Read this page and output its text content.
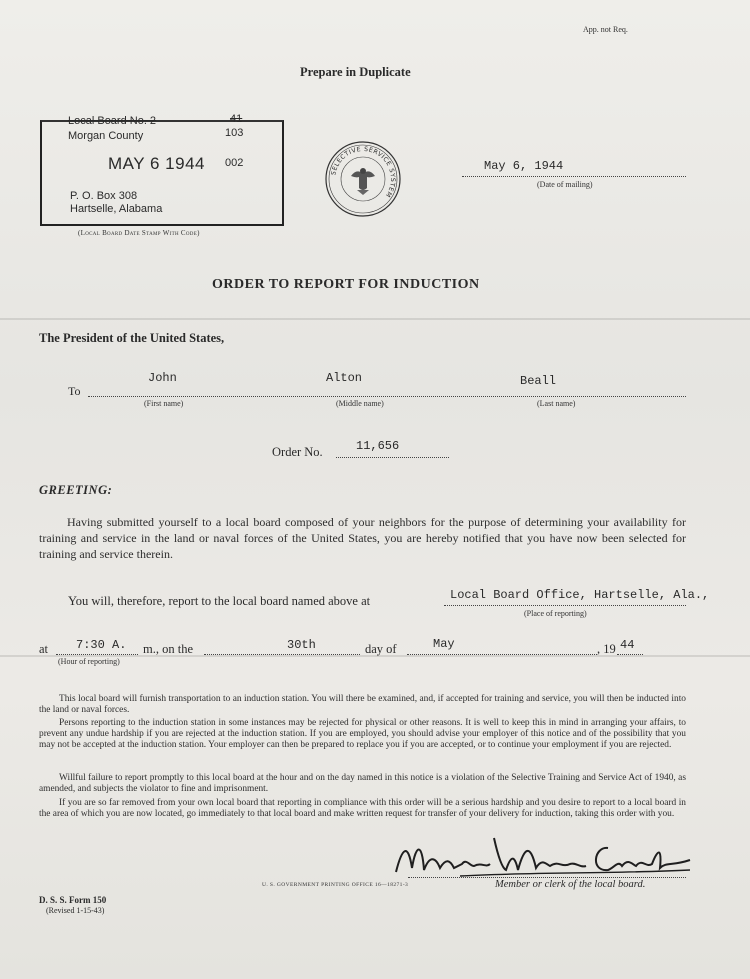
App. not Req.
Prepare in Duplicate
Local Board No. 2	41
Morgan County	103
MAY 6 1944 002
P. O. Box 308
Hartselle, Alabama
(Local Board Date Stamp With Code)
SELECTIVE SERVICE SYSTEM
May 6, 1944
(Date of mailing)
ORDER TO REPORT FOR INDUCTION
The President of the United States,
To
John	Alton	Beall
(First name)	(Middle name)	(Last name)
Order No.	11,656
GREETING:
Having submitted yourself to a local board composed of your neighbors for the purpose of determining your availability for training and service in the land or naval forces of the United States, you are hereby notified that you have now been selected for training and service therein.
You will, therefore, report to the local board named above at	Local Board Office, Hartselle, Ala.,
(Place of reporting)
at 7:30 A. m., on the	30th	day of	May	, 19 44
(Hour of reporting)
This local board will furnish transportation to an induction station. You will there be examined, and, if accepted for training and service, you will then be inducted into the land or naval forces.
Persons reporting to the induction station in some instances may be rejected for physical or other reasons. It is well to keep this in mind in arranging your affairs, to prevent any undue hardship if you are rejected at the induction station. If you are employed, you should advise your employer of this notice and of the possibility that you may not be accepted at the induction station. Your employer can then be prepared to replace you if you are accepted, or to continue your employment if you are rejected.
Willful failure to report promptly to this local board at the hour and on the day named in this notice is a violation of the Selective Training and Service Act of 1940, as amended, and subjects the violator to fine and imprisonment.
If you are so far removed from your own local board that reporting in compliance with this order will be a serious hardship and you desire to report to a local board in the area of which you are now located, go immediately to that local board and make written request for transfer of your delivery for induction, taking this order with you.
Mattie Wilson Clerk
Member or clerk of the local board.
U. S. GOVERNMENT PRINTING OFFICE 16—18271-3
D. S. S. Form 150
(Revised 1-15-43)
